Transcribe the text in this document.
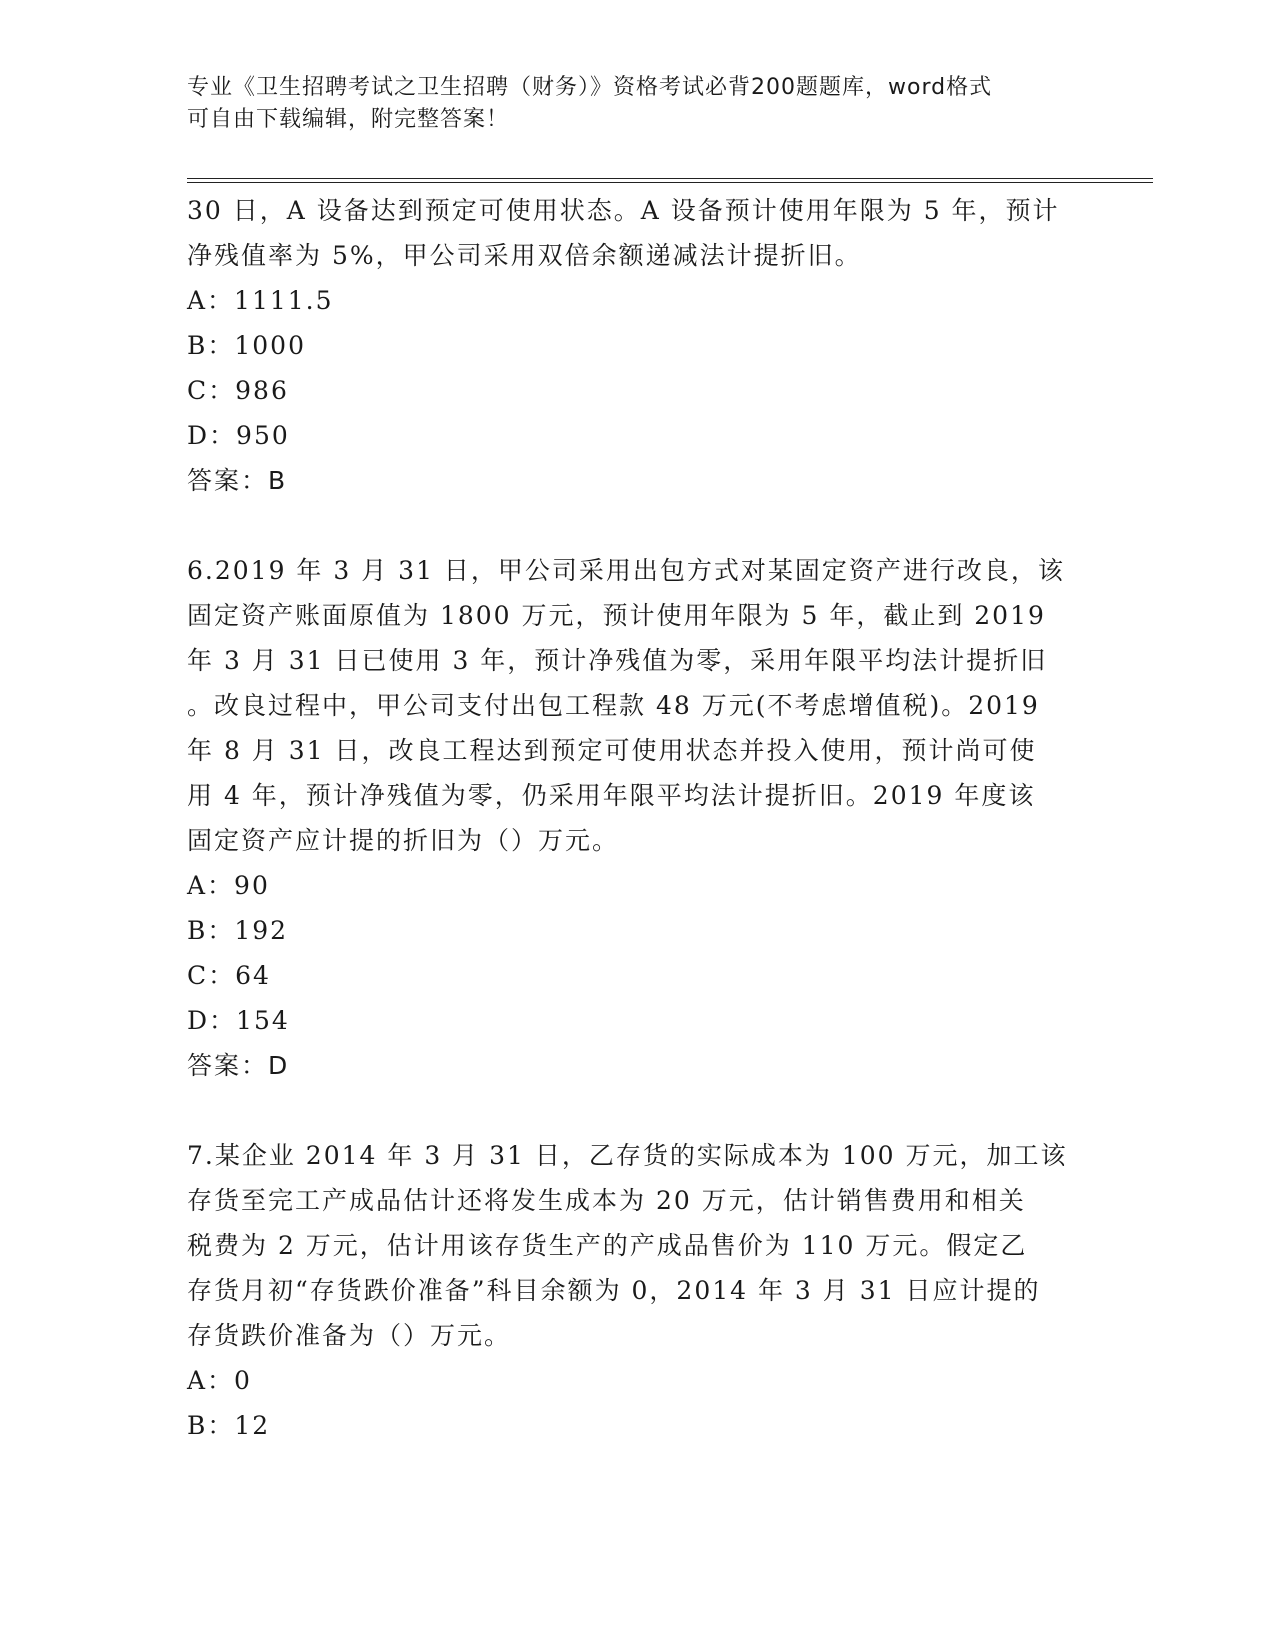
专业《卫生招聘考试之卫生招聘（财务）》资格考试必背200题题库，word格式
可自由下载编辑，附完整答案！

30 日，A 设备达到预定可使用状态。A 设备预计使用年限为 5 年，预计

净残值率为 5%，甲公司采用双倍余额递减法计提折旧。

A：1111.5

B：1000

C：986

D：950

答案：B

6.2019 年 3 月 31 日，甲公司采用出包方式对某固定资产进行改良，该

固定资产账面原值为 1800 万元，预计使用年限为 5 年，截止到 2019

年 3 月 31 日已使用 3 年，预计净残值为零，采用年限平均法计提折旧

。改良过程中，甲公司支付出包工程款 48 万元(不考虑增值税)。2019

年 8 月 31 日，改良工程达到预定可使用状态并投入使用，预计尚可使

用 4 年，预计净残值为零，仍采用年限平均法计提折旧。2019 年度该

固定资产应计提的折旧为（）万元。

A：90

B：192

C：64

D：154

答案：D

7.某企业 2014 年 3 月 31 日，乙存货的实际成本为 100 万元，加工该

存货至完工产成品估计还将发生成本为 20 万元，估计销售费用和相关

税费为 2 万元，估计用该存货生产的产成品售价为 110 万元。假定乙

存货月初“存货跌价准备”科目余额为 0，2014 年 3 月 31 日应计提的

存货跌价准备为（）万元。

A：0

B：12
